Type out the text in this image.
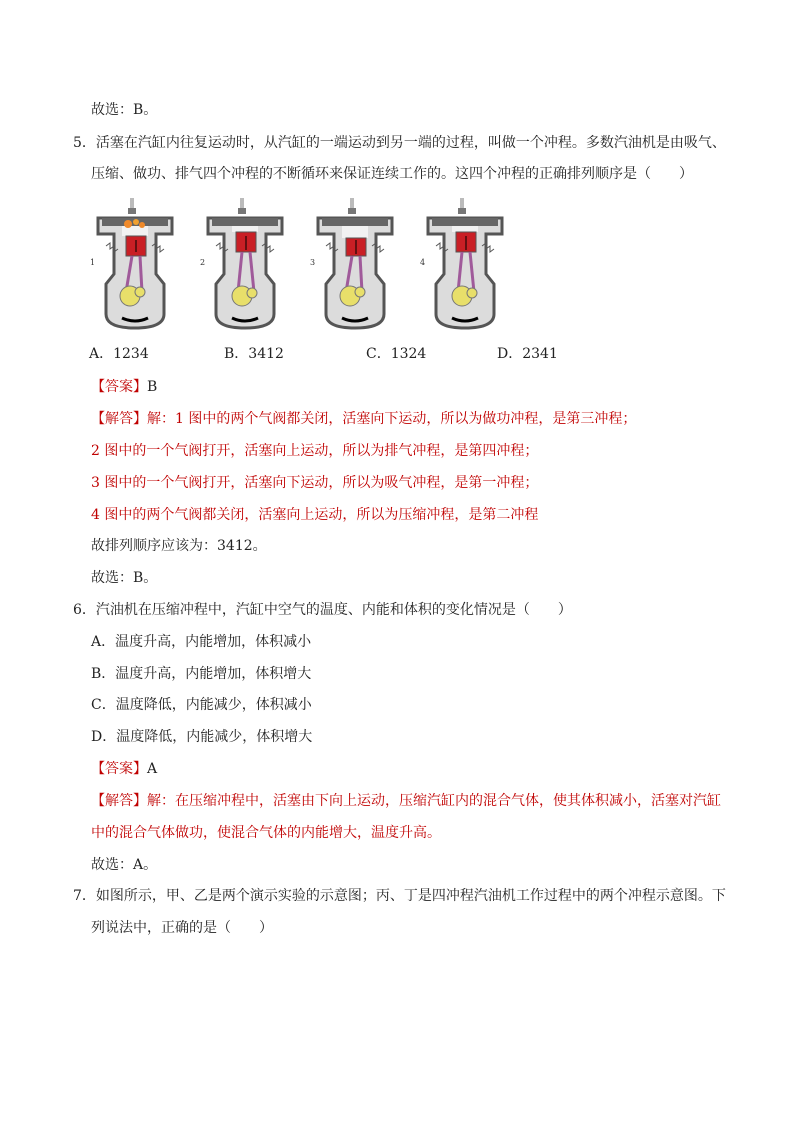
故选：B。
5．活塞在汽缸内往复运动时，从汽缸的一端运动到另一端的过程，叫做一个冲程。多数汽油机是由吸气、
压缩、做功、排气四个冲程的不断循环来保证连续工作的。这四个冲程的正确排列顺序是（　　）
1	2	3	4
A．1234	B．3412	C．1324	D．2341
【答案】B
【解答】解：1 图中的两个气阀都关闭，活塞向下运动，所以为做功冲程，是第三冲程；
2 图中的一个气阀打开，活塞向上运动，所以为排气冲程，是第四冲程；
3 图中的一个气阀打开，活塞向下运动，所以为吸气冲程，是第一冲程；
4 图中的两个气阀都关闭，活塞向上运动，所以为压缩冲程，是第二冲程
故排列顺序应该为：3412。
故选：B。
6．汽油机在压缩冲程中，汽缸中空气的温度、内能和体积的变化情况是（　　）
A．温度升高，内能增加，体积减小
B．温度升高，内能增加，体积增大
C．温度降低，内能减少，体积减小
D．温度降低，内能减少，体积增大
【答案】A
【解答】解：在压缩冲程中，活塞由下向上运动，压缩汽缸内的混合气体，使其体积减小，活塞对汽缸
中的混合气体做功，使混合气体的内能增大，温度升高。
故选：A。
7．如图所示，甲、乙是两个演示实验的示意图；丙、丁是四冲程汽油机工作过程中的两个冲程示意图。下
列说法中，正确的是（　　）
